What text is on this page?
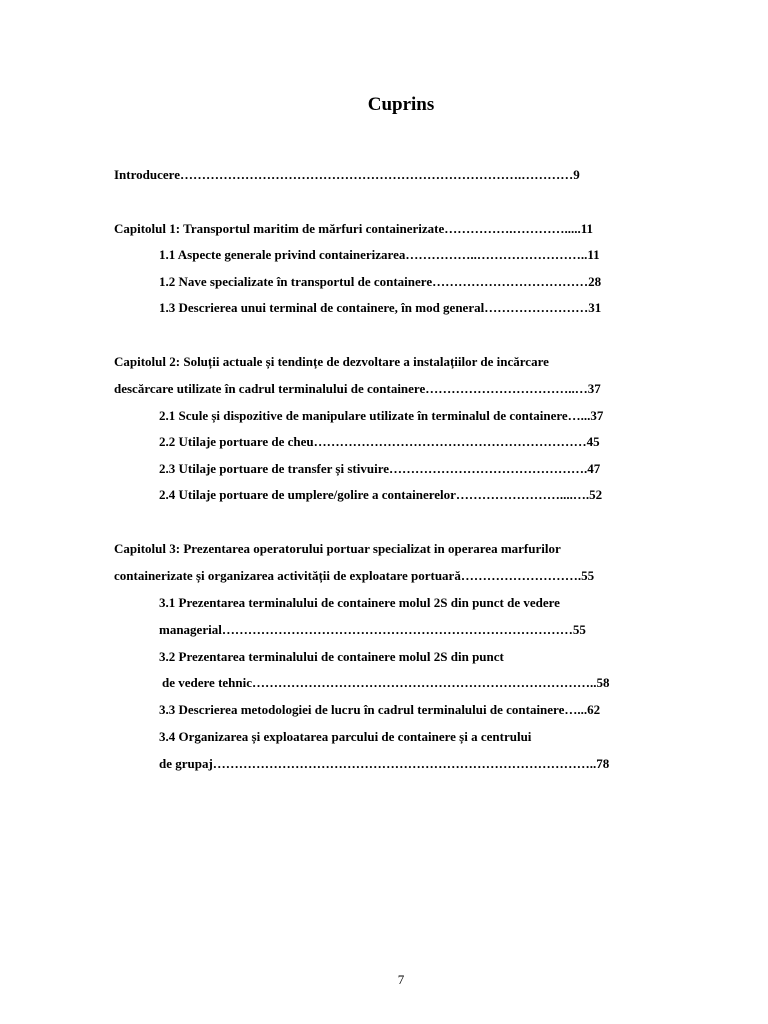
Cuprins
Introducere…………………………………………………………………….…………9
Capitolul 1: Transportul maritim de mărfuri containerizate…………….………….....11
1.1 Aspecte generale privind containerizarea……………..……………………..11
1.2 Nave specializate în transportul de containere………………………………28
1.3 Descrierea unui terminal de containere, în mod general……………………31
Capitolul 2: Soluții actuale și tendințe de dezvoltare a instalațiilor de incărcare
descărcare utilizate în cadrul terminalului de containere……………………………..…37
2.1 Scule și dispozitive de manipulare utilizate în terminalul de containere…...37
2.2 Utilaje portuare de cheu………………………………………………………45
2.3 Utilaje portuare de transfer și stivuire……………………………………….47
2.4 Utilaje portuare de umplere/golire a containerelor……………………....….52
Capitolul 3: Prezentarea operatorului portuar specializat in operarea marfurilor
containerizate și organizarea activității de exploatare portuară……………………….55
3.1 Prezentarea terminalului de containere molul 2S din punct de vedere
managerial………………………………………………………………………55
3.2 Prezentarea terminalului de containere molul 2S din punct
de vedere tehnic……………………………………………………………………..58
3.3 Descrierea metodologiei de lucru în cadrul terminalului de containere…...62
3.4 Organizarea și exploatarea parcului de containere și a centrului
de grupaj……………………………………………………………………………..78
7
